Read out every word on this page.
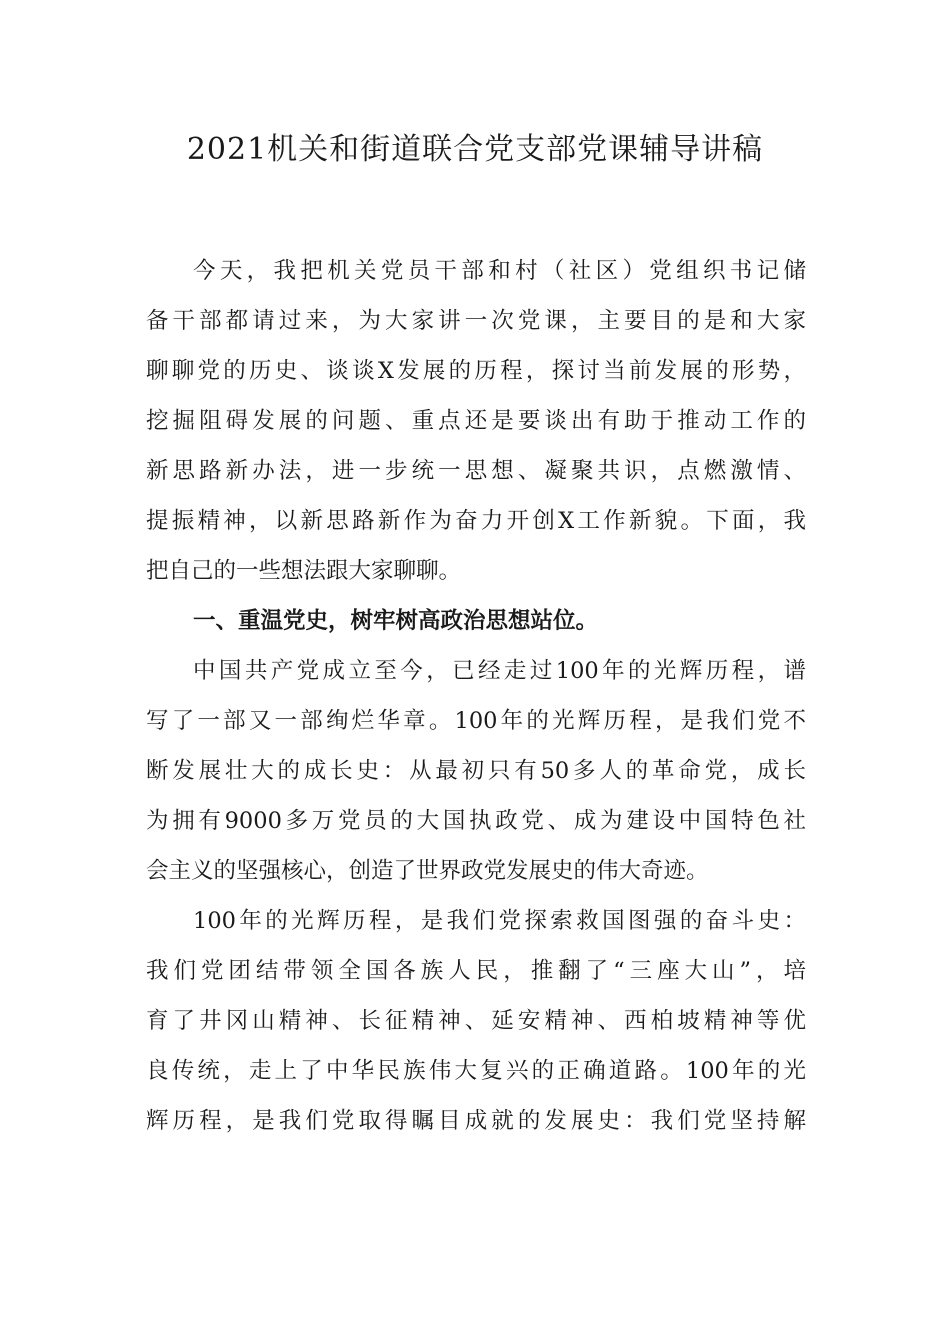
2021机关和街道联合党支部党课辅导讲稿
今天，我把机关党员干部和村（社区）党组织书记储
备干部都请过来，为大家讲一次党课，主要目的是和大家
聊聊党的历史、谈谈X发展的历程，探讨当前发展的形势，
挖掘阻碍发展的问题、重点还是要谈出有助于推动工作的
新思路新办法，进一步统一思想、凝聚共识，点燃激情、
提振精神，以新思路新作为奋力开创X工作新貌。下面，我
把自己的一些想法跟大家聊聊。
一、重温党史，树牢树高政治思想站位。
中国共产党成立至今，已经走过100年的光辉历程，谱
写了一部又一部绚烂华章。100年的光辉历程，是我们党不
断发展壮大的成长史：从最初只有50多人的革命党，成长
为拥有9000多万党员的大国执政党、成为建设中国特色社
会主义的坚强核心，创造了世界政党发展史的伟大奇迹。
100年的光辉历程，是我们党探索救国图强的奋斗史：
我们党团结带领全国各族人民，推翻了“三座大山”，培
育了井冈山精神、长征精神、延安精神、西柏坡精神等优
良传统，走上了中华民族伟大复兴的正确道路。100年的光
辉历程，是我们党取得瞩目成就的发展史：我们党坚持解
